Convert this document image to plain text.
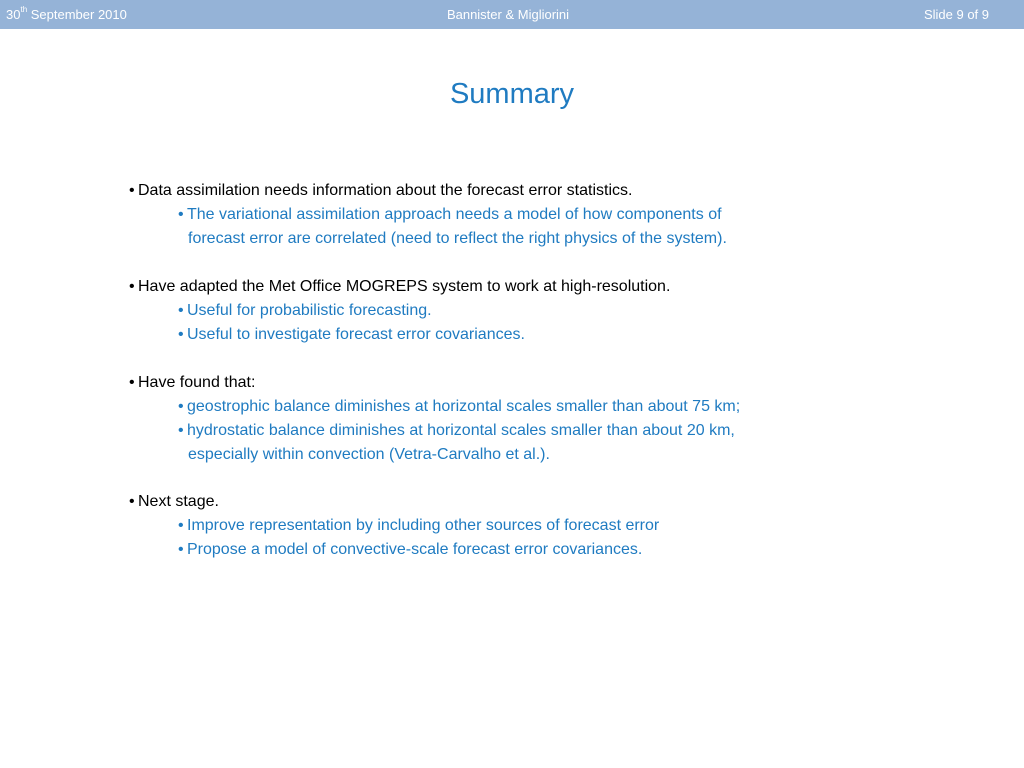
30th September 2010	Bannister & Migliorini	Slide 9 of 9
Summary
• Data assimilation needs information about the forecast error statistics.
• The variational assimilation approach needs a model of how components of
forecast error are correlated (need to reflect the right physics of the system).
• Have adapted the Met Office MOGREPS system to work at high-resolution.
• Useful for probabilistic forecasting.
• Useful to investigate forecast error covariances.
• Have found that:
• geostrophic balance diminishes at horizontal scales smaller than about 75 km;
• hydrostatic balance diminishes at horizontal scales smaller than about 20 km,
especially within convection (Vetra-Carvalho et al.).
• Next stage.
• Improve representation by including other sources of forecast error
• Propose a model of convective-scale forecast error covariances.
